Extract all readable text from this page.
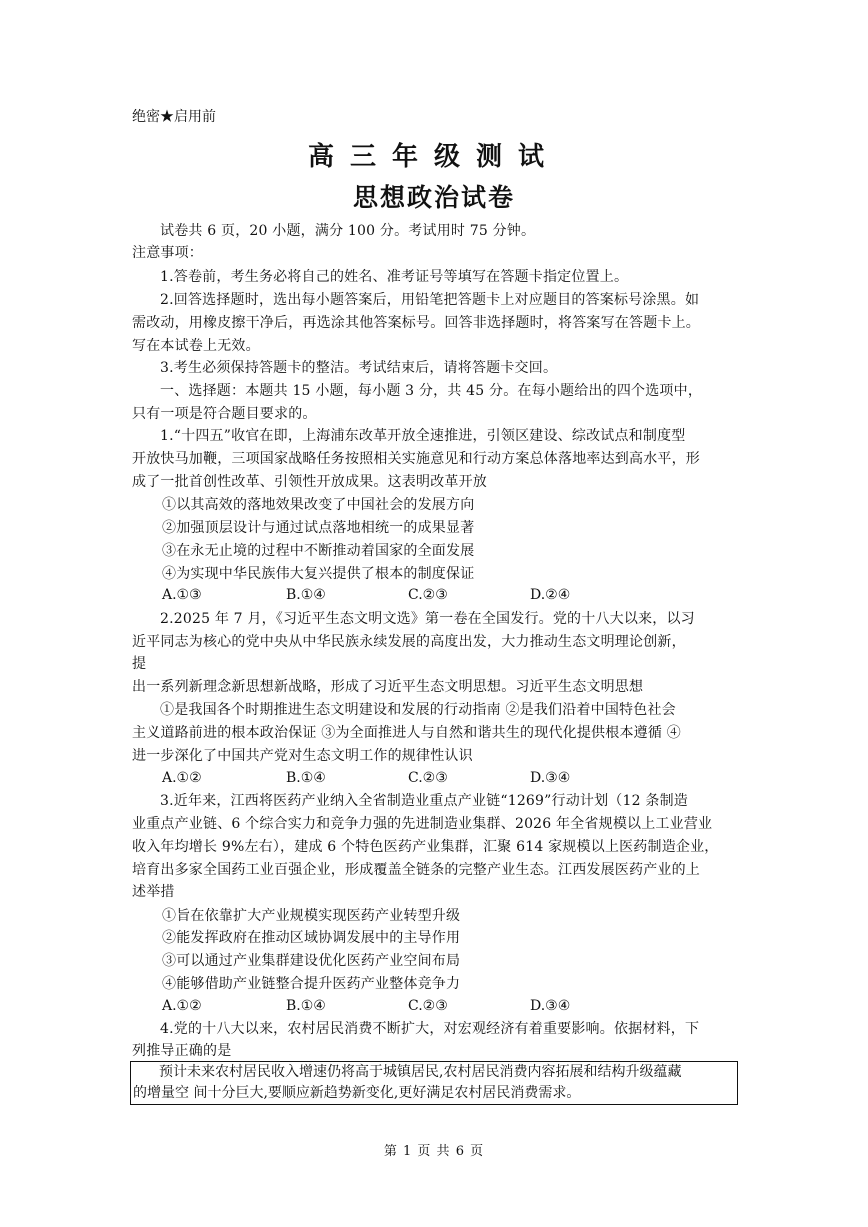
绝密★启用前
高三年级测试
思想政治试卷
试卷共 6 页，20 小题，满分 100 分。考试用时 75 分钟。
注意事项：
1.答卷前，考生务必将自己的姓名、准考证号等填写在答题卡指定位置上。
2.回答选择题时，选出每小题答案后，用铅笔把答题卡上对应题目的答案标号涂黑。如
需改动，用橡皮擦干净后，再选涂其他答案标号。回答非选择题时，将答案写在答题卡上。
写在本试卷上无效。
3.考生必须保持答题卡的整洁。考试结束后，请将答题卡交回。
一、选择题：本题共 15 小题，每小题 3 分，共 45 分。在每小题给出的四个选项中，
只有一项是符合题目要求的。
1.“十四五”收官在即，上海浦东改革开放全速推进，引领区建设、综改试点和制度型
开放快马加鞭，三项国家战略任务按照相关实施意见和行动方案总体落地率达到高水平，形
成了一批首创性改革、引领性开放成果。这表明改革开放
①以其高效的落地效果改变了中国社会的发展方向
②加强顶层设计与通过试点落地相统一的成果显著
③在永无止境的过程中不断推动着国家的全面发展
④为实现中华民族伟大复兴提供了根本的制度保证
A.①③	B.①④	C.②③	D.②④
2.2025 年 7 月，《习近平生态文明文选》第一卷在全国发行。党的十八大以来，以习
近平同志为核心的党中央从中华民族永续发展的高度出发，大力推动生态文明理论创新，
提
出一系列新理念新思想新战略，形成了习近平生态文明思想。习近平生态文明思想
①是我国各个时期推进生态文明建设和发展的行动指南 ②是我们沿着中国特色社会
主义道路前进的根本政治保证 ③为全面推进人与自然和谐共生的现代化提供根本遵循 ④
进一步深化了中国共产党对生态文明工作的规律性认识
A.①②	B.①④	C.②③	D.③④
3.近年来，江西将医药产业纳入全省制造业重点产业链“1269”行动计划（12 条制造
业重点产业链、6 个综合实力和竞争力强的先进制造业集群、2026 年全省规模以上工业营业
收入年均增长 9%左右），建成 6 个特色医药产业集群，汇聚 614 家规模以上医药制造企业，
培育出多家全国药工业百强企业，形成覆盖全链条的完整产业生态。江西发展医药产业的上
述举措
①旨在依靠扩大产业规模实现医药产业转型升级
②能发挥政府在推动区域协调发展中的主导作用
③可以通过产业集群建设优化医药产业空间布局
④能够借助产业链整合提升医药产业整体竞争力
A.①②	B.①④	C.②③	D.③④
4.党的十八大以来，农村居民消费不断扩大，对宏观经济有着重要影响。依据材料，下
列推导正确的是
预计未来农村居民收入增速仍将高于城镇居民,农村居民消费内容拓展和结构升级蕴藏
的增量空 间十分巨大,要顺应新趋势新变化,更好满足农村居民消费需求。
第 1 页 共 6 页
